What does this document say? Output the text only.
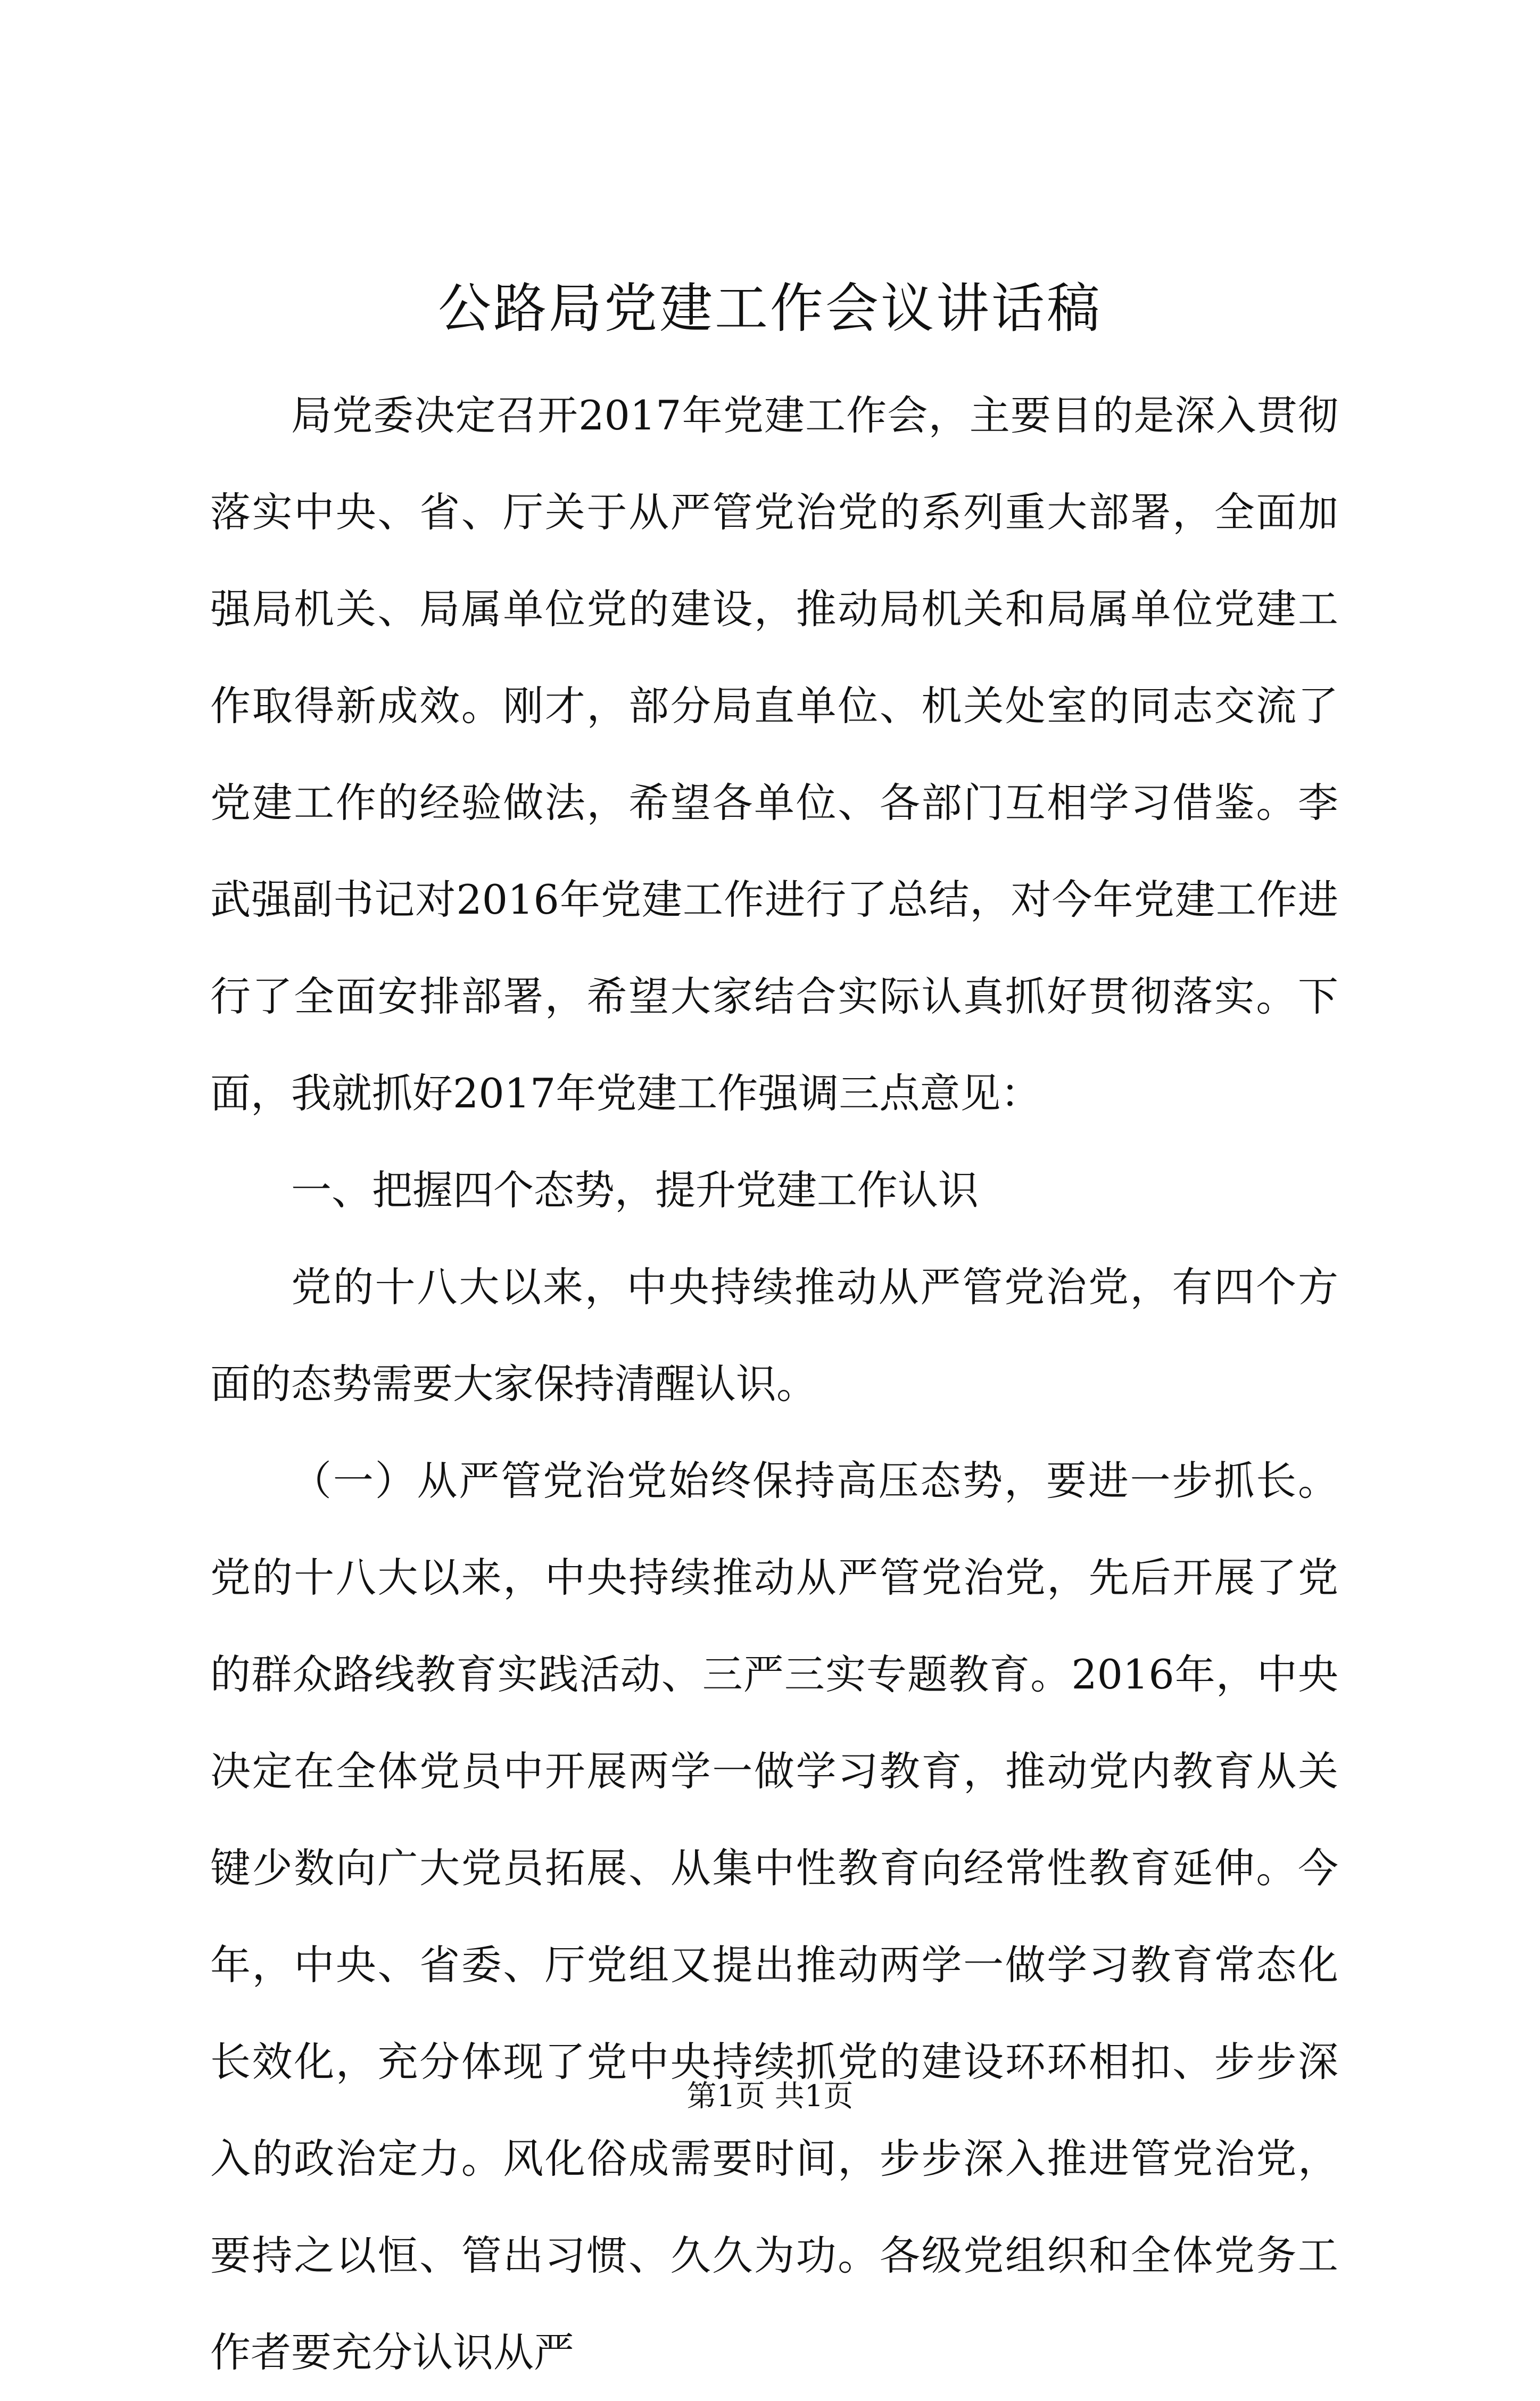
公路局党建工作会议讲话稿

局党委决定召开2017年党建工作会，主要目的是深入贯彻落实中央、省、厅关于从严管党治党的系列重大部署，全面加强局机关、局属单位党的建设，推动局机关和局属单位党建工作取得新成效。刚才，部分局直单位、机关处室的同志交流了党建工作的经验做法，希望各单位、各部门互相学习借鉴。李武强副书记对2016年党建工作进行了总结，对今年党建工作进行了全面安排部署，希望大家结合实际认真抓好贯彻落实。下面，我就抓好2017年党建工作强调三点意见：

一、把握四个态势，提升党建工作认识

党的十八大以来，中央持续推动从严管党治党，有四个方面的态势需要大家保持清醒认识。

（一）从严管党治党始终保持高压态势，要进一步抓长。党的十八大以来，中央持续推动从严管党治党，先后开展了党的群众路线教育实践活动、三严三实专题教育。2016年，中央决定在全体党员中开展两学一做学习教育，推动党内教育从关键少数向广大党员拓展、从集中性教育向经常性教育延伸。今年，中央、省委、厅党组又提出推动两学一做学习教育常态化长效化，充分体现了党中央持续抓党的建设环环相扣、步步深入的政治定力。风化俗成需要时间，步步深入推进管党治党，要持之以恒、管出习惯、久久为功。各级党组织和全体党务工作者要充分认识从严

第1页 共1页
